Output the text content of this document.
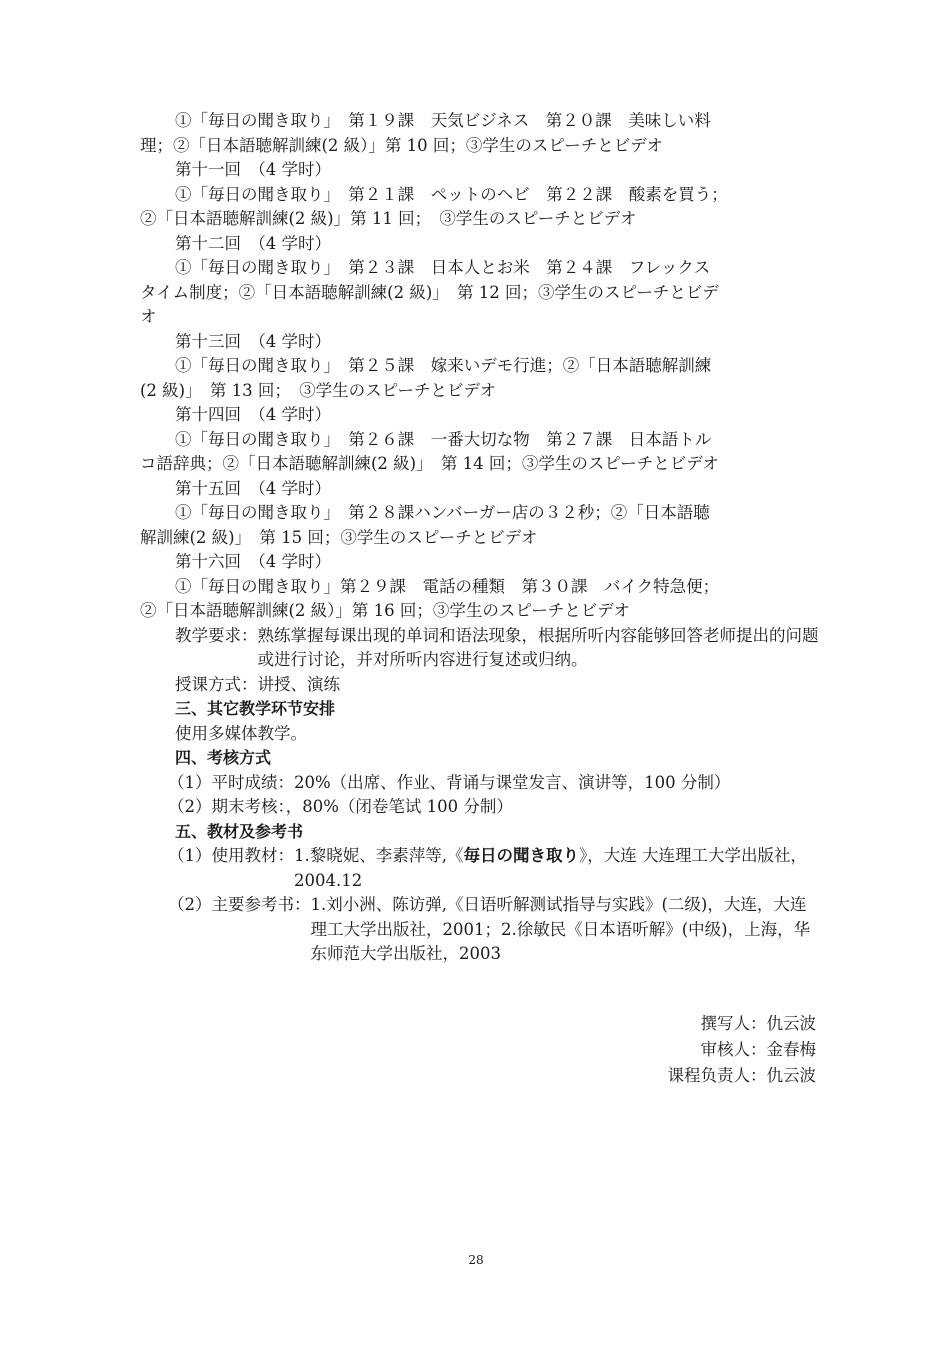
①「毎日の聞き取り」　第１９課　天気ビジネス　第２０課　美味しい料
理；②「日本語聴解訓練(2 級）」第 10 回；③学生のスピーチとビデオ
第十一回　（4 学时）
①「毎日の聞き取り」　第２１課　ペットのヘビ　第２２課　酸素を買う；
②「日本語聴解訓練(2 級)」第 11 回；　③学生のスピーチとビデオ
第十二回　（4 学时）
①「毎日の聞き取り」　第２３課　日本人とお米　第２４課　フレックス
タイム制度；②「日本語聴解訓練(2 級)」　第 12 回；③学生のスピーチとビデ
オ
第十三回　（4 学时）
①「毎日の聞き取り」　第２５課　嫁来いデモ行進；②「日本語聴解訓練
(2 級)」　第 13 回；　③学生のスピーチとビデオ
第十四回　（4 学时）
①「毎日の聞き取り」　第２６課　一番大切な物　第２７課　日本語トル
コ語辞典；②「日本語聴解訓練(2 級)」　第 14 回；③学生のスピーチとビデオ
第十五回　（4 学时）
①「毎日の聞き取り」　第２８課ハンバーガー店の３２秒；②「日本語聴
解訓練(2 級)」　第 15 回；③学生のスピーチとビデオ
第十六回　（4 学时）
①「毎日の聞き取り」第２９課　電話の種類　第３０課　バイク特急便；
②「日本語聴解訓練(2 級）」第 16 回；③学生のスピーチとビデオ
教学要求： 熟练掌握每课出现的单词和语法现象，根据所听内容能够回答老师提出的问题或进行讨论，并对所听内容进行复述或归纳。
授课方式：讲授、演练
三、其它教学环节安排
使用多媒体教学。
四、考核方式
（1）平时成绩：20%（出席、作业、背诵与课堂发言、演讲等，100 分制）
（2）期末考核：，80%（闭卷笔试 100 分制）
五、教材及参考书
（1）使用教材： 1.黎晓妮、李素萍等,《毎日の聞き取り》，大连 大连理工大学出版社，2004.12
（2）主要参考书： 1.刘小洲、陈访弹,《日语听解测试指导与实践》(二级)，大连，大连理工大学出版社，2001；2.徐敏民《日本语听解》(中级)，上海，华东师范大学出版社，2003
撰写人：仇云波
审核人：金春梅
课程负责人：仇云波
28
